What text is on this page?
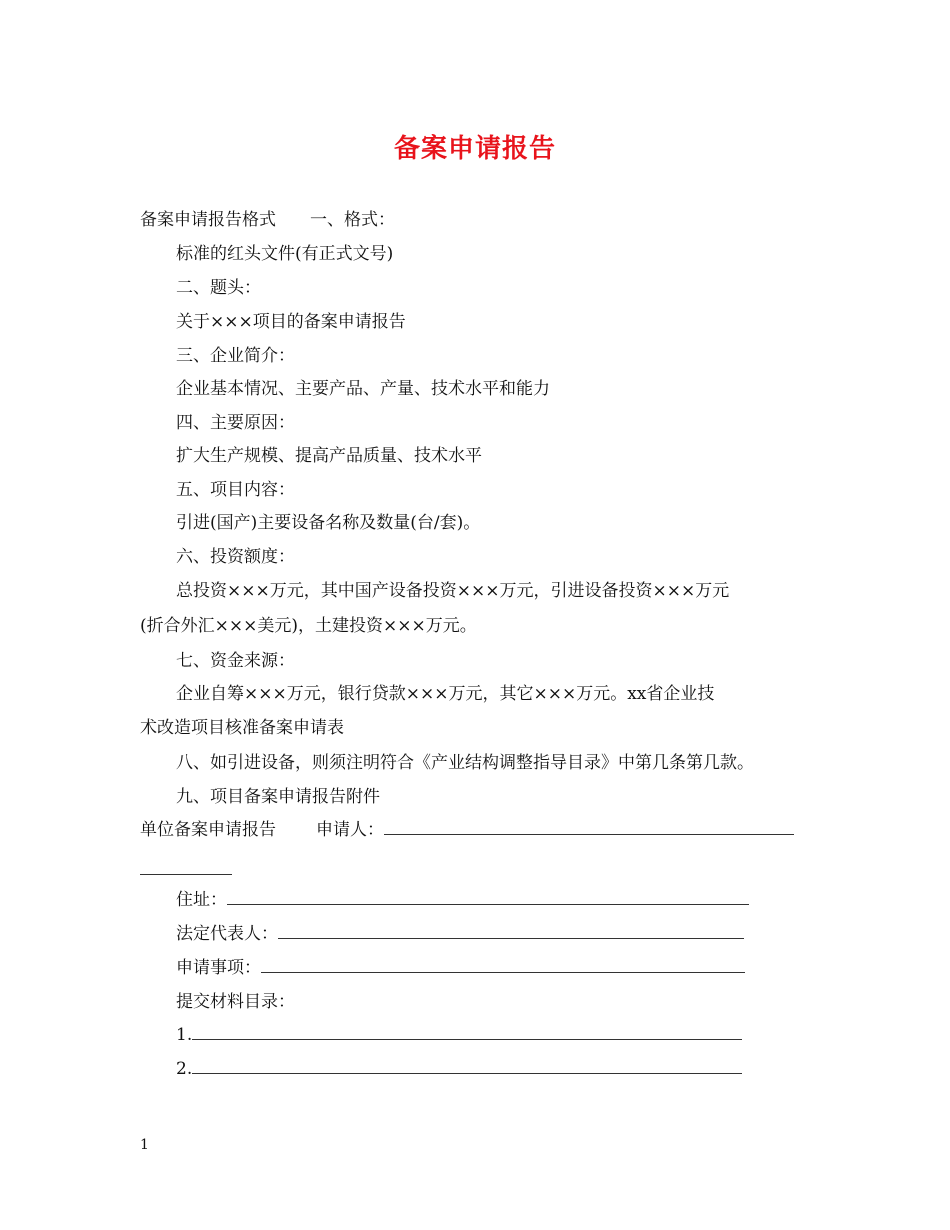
备案申请报告
备案申请报告格式 一、格式：
标准的红头文件(有正式文号)
二、题头：
关于×××项目的备案申请报告
三、企业简介：
企业基本情况、主要产品、产量、技术水平和能力
四、主要原因：
扩大生产规模、提高产品质量、技术水平
五、项目内容：
引进(国产)主要设备名称及数量(台/套)。
六、投资额度：
总投资×××万元，其中国产设备投资×××万元，引进设备投资×××万元
(折合外汇×××美元)，土建投资×××万元。
七、资金来源：
企业自筹×××万元，银行贷款×××万元，其它×××万元。xx省企业技
术改造项目核准备案申请表
八、如引进设备，则须注明符合《产业结构调整指导目录》中第几条第几款。
九、项目备案申请报告附件
单位备案申请报告 申请人：
住址：
法定代表人：
申请事项：
提交材料目录：
1.
2.
1
